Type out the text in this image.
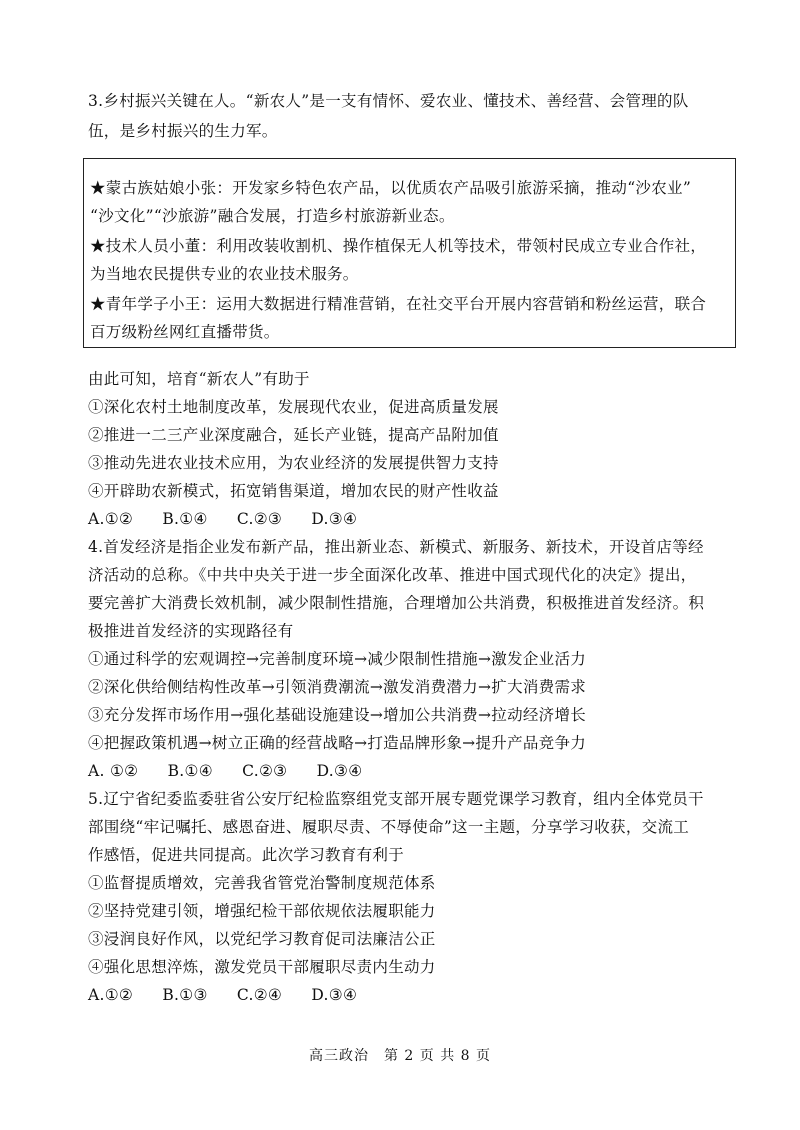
3.乡村振兴关键在人。“新农人”是一支有情怀、爱农业、懂技术、善经营、会管理的队
伍，是乡村振兴的生力军。
★蒙古族姑娘小张：开发家乡特色农产品，以优质农产品吸引旅游采摘，推动“沙农业”
“沙文化”“沙旅游”融合发展，打造乡村旅游新业态。
★技术人员小董：利用改装收割机、操作植保无人机等技术，带领村民成立专业合作社，
为当地农民提供专业的农业技术服务。
★青年学子小王：运用大数据进行精准营销，在社交平台开展内容营销和粉丝运营，联合
百万级粉丝网红直播带货。
由此可知，培育“新农人”有助于
①深化农村土地制度改革，发展现代农业，促进高质量发展
②推进一二三产业深度融合，延长产业链，提高产品附加值
③推动先进农业技术应用，为农业经济的发展提供智力支持
④开辟助农新模式，拓宽销售渠道，增加农民的财产性收益
A.①② B.①④ C.②③ D.③④
4.首发经济是指企业发布新产品，推出新业态、新模式、新服务、新技术，开设首店等经
济活动的总称。《中共中央关于进一步全面深化改革、推进中国式现代化的决定》提出，
要完善扩大消费长效机制，减少限制性措施，合理增加公共消费，积极推进首发经济。积
极推进首发经济的实现路径有
①通过科学的宏观调控→完善制度环境→减少限制性措施→激发企业活力
②深化供给侧结构性改革→引领消费潮流→激发消费潜力→扩大消费需求
③充分发挥市场作用→强化基础设施建设→增加公共消费→拉动经济增长
④把握政策机遇→树立正确的经营战略→打造品牌形象→提升产品竞争力
A. ①② B.①④ C.②③ D.③④
5.辽宁省纪委监委驻省公安厅纪检监察组党支部开展专题党课学习教育，组内全体党员干
部围绕“牢记嘱托、感恩奋进、履职尽责、不辱使命”这一主题，分享学习收获，交流工
作感悟，促进共同提高。此次学习教育有利于
①监督提质增效，完善我省管党治警制度规范体系
②坚持党建引领，增强纪检干部依规依法履职能力
③浸润良好作风，以党纪学习教育促司法廉洁公正
④强化思想淬炼，激发党员干部履职尽责内生动力
A.①② B.①③ C.②④ D.③④
高三政治　第 2 页 共 8 页
